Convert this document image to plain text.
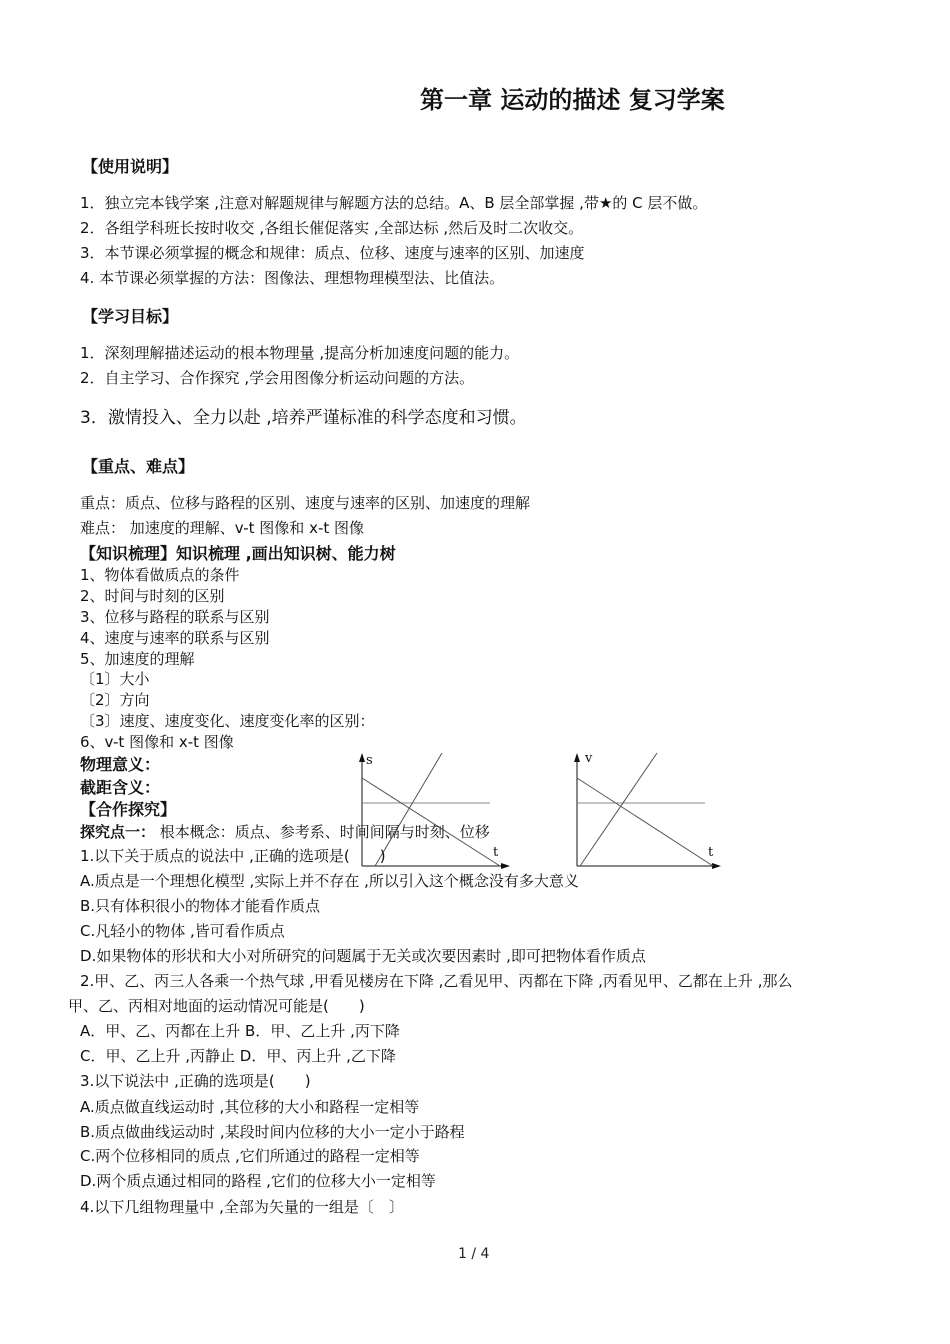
第一章 运动的描述 复习学案
【使用说明】
1．独立完本钱学案 ,注意对解题规律与解题方法的总结。A、B 层全部掌握 ,带★的 C 层不做。
2．各组学科班长按时收交 ,各组长催促落实 ,全部达标 ,然后及时二次收交。
3．本节课必须掌握的概念和规律：质点、位移、速度与速率的区别、加速度
4. 本节课必须掌握的方法：图像法、理想物理模型法、比值法。
【学习目标】
1．深刻理解描述运动的根本物理量 ,提高分析加速度问题的能力。
2．自主学习、合作探究 ,学会用图像分析运动问题的方法。
3．激情投入、全力以赴 ,培养严谨标准的科学态度和习惯。
【重点、难点】
重点：质点、位移与路程的区别、速度与速率的区别、加速度的理解
难点： 加速度的理解、v-t 图像和 x-t 图像
【知识梳理】知识梳理 ,画出知识树、能力树
1、物体看做质点的条件
2、时间与时刻的区别
3、位移与路程的联系与区别
4、速度与速率的联系与区别
5、加速度的理解
〔1〕大小
〔2〕方向
〔3〕速度、速度变化、速度变化率的区别：
6、v-t 图像和 x-t 图像
物理意义：
截距含义：
s
t
v
t
【合作探究】
探究点一： 根本概念：质点、参考系、时间间隔与时刻、位移
1.以下关于质点的说法中 ,正确的选项是(　　)
A.质点是一个理想化模型 ,实际上并不存在 ,所以引入这个概念没有多大意义
B.只有体积很小的物体才能看作质点
C.凡轻小的物体 ,皆可看作质点
D.如果物体的形状和大小对所研究的问题属于无关或次要因素时 ,即可把物体看作质点
2.甲、乙、丙三人各乘一个热气球 ,甲看见楼房在下降 ,乙看见甲、丙都在下降 ,丙看见甲、乙都在上升 ,那么
甲、乙、丙相对地面的运动情况可能是(　　)
A．甲、乙、丙都在上升 B．甲、乙上升 ,丙下降
C．甲、乙上升 ,丙静止 D．甲、丙上升 ,乙下降
3.以下说法中 ,正确的选项是(　　)
A.质点做直线运动时 ,其位移的大小和路程一定相等
B.质点做曲线运动时 ,某段时间内位移的大小一定小于路程
C.两个位移相同的质点 ,它们所通过的路程一定相等
D.两个质点通过相同的路程 ,它们的位移大小一定相等
4.以下几组物理量中 ,全部为矢量的一组是〔　〕
1 / 4
